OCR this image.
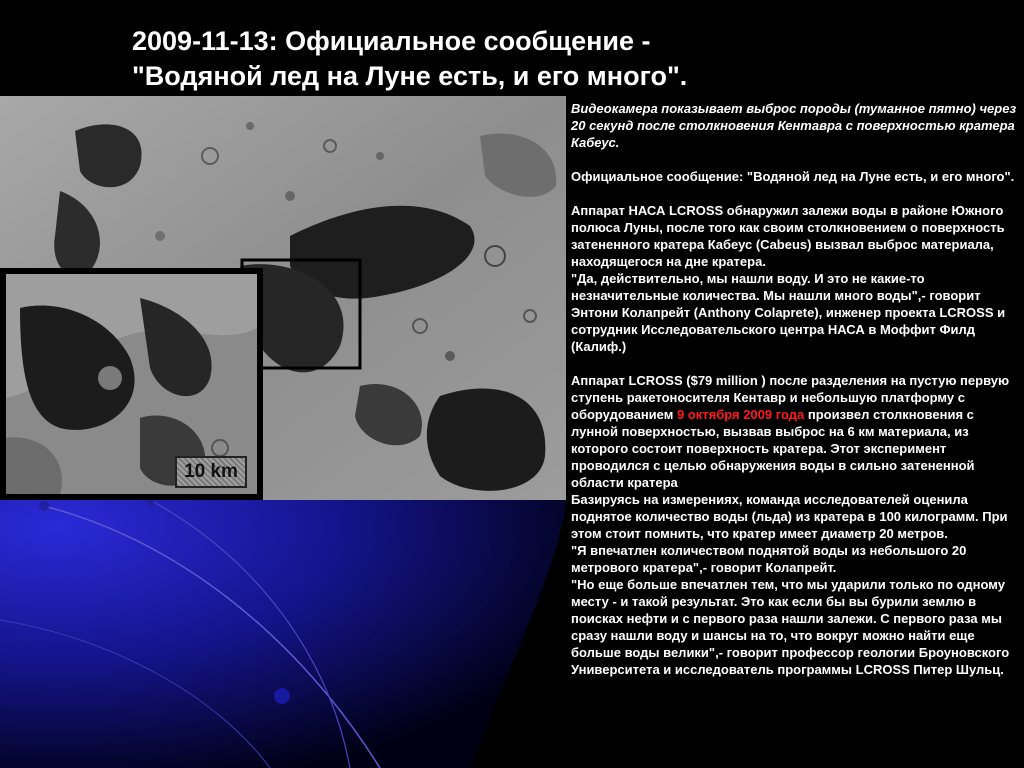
2009-11-13: Официальное сообщение -
"Водяной лед на Луне есть, и его много".
10 km

Видеокамера показывает выброс породы (туманное пятно) через 20 секунд после столкновения Кентавра с поверхностью кратера Кабеус.

Официальное сообщение: "Водяной лед на Луне есть, и его много".

Аппарат НАСА LCROSS обнаружил залежи воды в районе Южного полюса Луны, после того как своим столкновением о поверхность затененного кратера Кабеус (Cabeus) вызвал выброс материала, находящегося на дне кратера.

"Да, действительно, мы нашли воду. И это не какие-то незначительные количества. Мы нашли много воды",- говорит Энтони Колапрейт (Anthony Colaprete), инженер проекта LCROSS и сотрудник Исследовательского центра НАСА в Моффит Филд (Калиф.)

Аппарат LCROSS ($79 million ) после разделения на пустую первую ступень ракетоносителя Кентавр и небольшую платформу с оборудованием 9 октября 2009 года произвел столкновения с лунной поверхностью, вызвав выброс на 6 км материала, из которого состоит поверхность кратера. Этот эксперимент проводился с целью обнаружения воды в сильно затененной области кратера

Базируясь на измерениях, команда исследователей оценила поднятое количество воды (льда) из кратера в 100 килограмм. При этом стоит помнить, что кратер имеет диаметр 20 метров.

"Я впечатлен количеством поднятой воды из небольшого 20 метрового кратера",- говорит Колапрейт.

"Но еще больше впечатлен тем, что мы ударили только по одному месту - и такой результат. Это как если бы вы бурили землю в поисках нефти и с первого раза нашли залежи. С первого раза мы сразу нашли воду и шансы на то, что вокруг можно найти еще больше воды велики",- говорит профессор геологии Броуновского Университета и исследователь программы LCROSS Питер Шульц.
